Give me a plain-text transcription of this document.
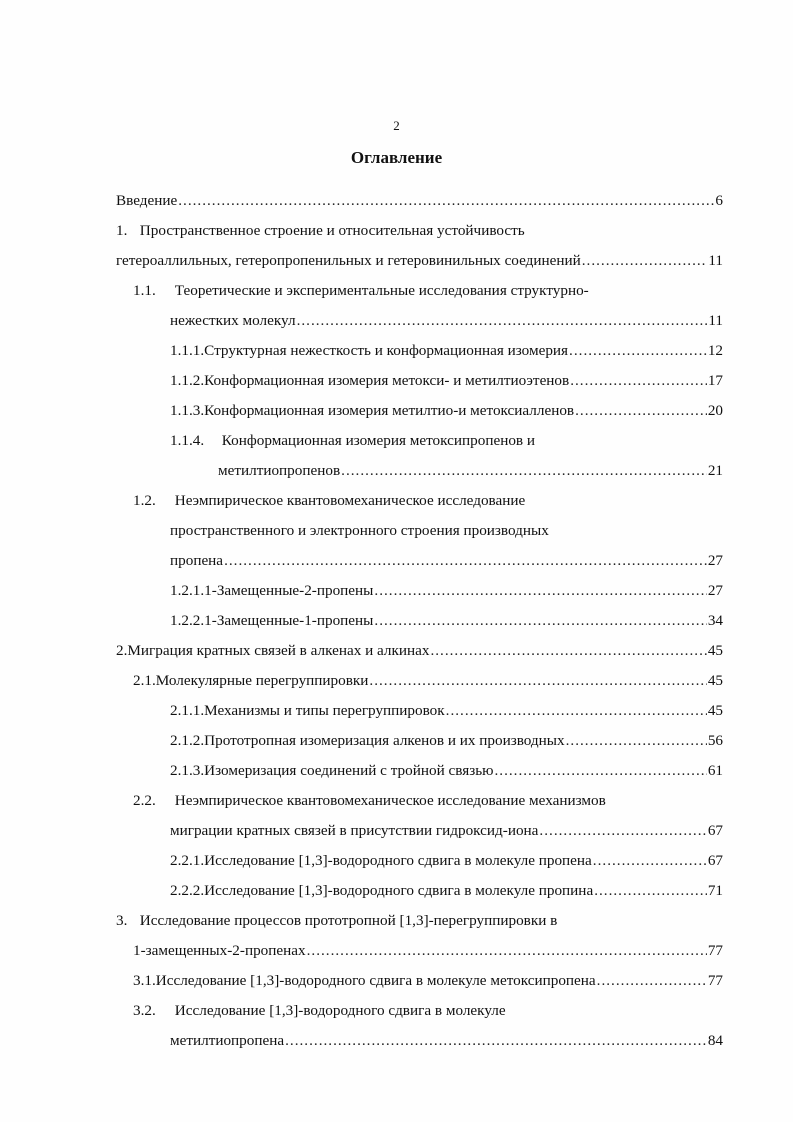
2
Оглавление
Введение .....	6
1. Пространственное строение и относительная устойчивость
гетероаллильных, гетеропропенильных и гетеровинильных соединений .....	11
1.1. Теоретические и экспериментальные исследования структурно-
нежестких молекул .....	11
1.1.1. Структурная нежесткость и конформационная изомерия .....	12
1.1.2. Конформационная изомерия метокси- и метилтиоэтенов .....	17
1.1.3. Конформационная изомерия метилтио-и метоксиалленов .....	20
1.1.4. Конформационная изомерия метоксипропенов и
метилтиопропенов .....	21
1.2. Неэмпирическое квантовомеханическое исследование
пространственного и электронного строения производных
пропена .....	27
1.2.1. 1-Замещенные-2-пропены .....	27
1.2.2. 1-Замещенные-1-пропены .....	34
2. Миграция кратных связей в алкенах и алкинах .....	45
2.1. Молекулярные перегруппировки .....	45
2.1.1. Механизмы и типы перегруппировок .....	45
2.1.2. Прототропная изомеризация алкенов и их производных .....	56
2.1.3. Изомеризация соединений с тройной связью .....	61
2.2. Неэмпирическое квантовомеханическое исследование механизмов
миграции кратных связей в присутствии гидроксид-иона .....	67
2.2.1. Исследование [1,3]-водородного сдвига в молекуле пропена .....	67
2.2.2. Исследование [1,3]-водородного сдвига в молекуле пропина .....	71
3. Исследование процессов прототропной [1,3]-перегруппировки в
1-замещенных-2-пропенах .....	77
3.1. Исследование [1,3]-водородного сдвига в молекуле метоксипропена .....	77
3.2. Исследование [1,3]-водородного сдвига в молекуле
метилтиопропена .....	84
